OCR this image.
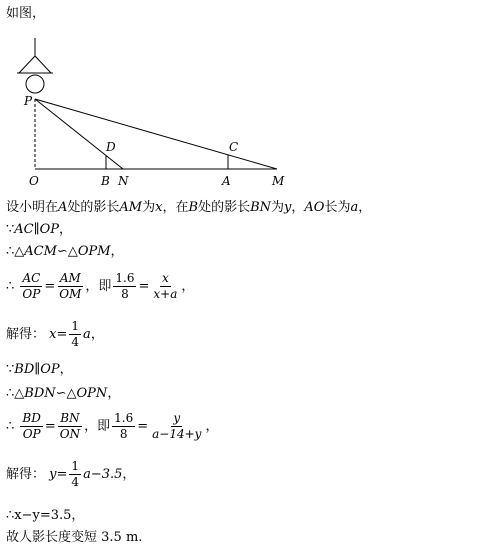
如图，
P
D	C
O	B N	A	M
设小明在A处的影长AM为x，在B处的影长BN为y，AO长为a，
∵AC∥OP，
∴△ACM∽△OPM，
∴ $\frac{AC}{OP} = \frac{AM}{OM}$ ，即 $\frac{1.6}{8} = \frac{x}{x+a}$ ，
解得： $x= \frac{1}{4}$ a，
∵BD∥OP，
∴△BDN∽△OPN，
∴ $\frac{BD}{OP} = \frac{BN}{ON}$ ，即 $\frac{1.6}{8} = \frac{y}{a-14+y}$ ，
解得： $y= \frac{1}{4} a-3.5$，
∴x−y=3.5，
故人影长度变短 3.5 m.
